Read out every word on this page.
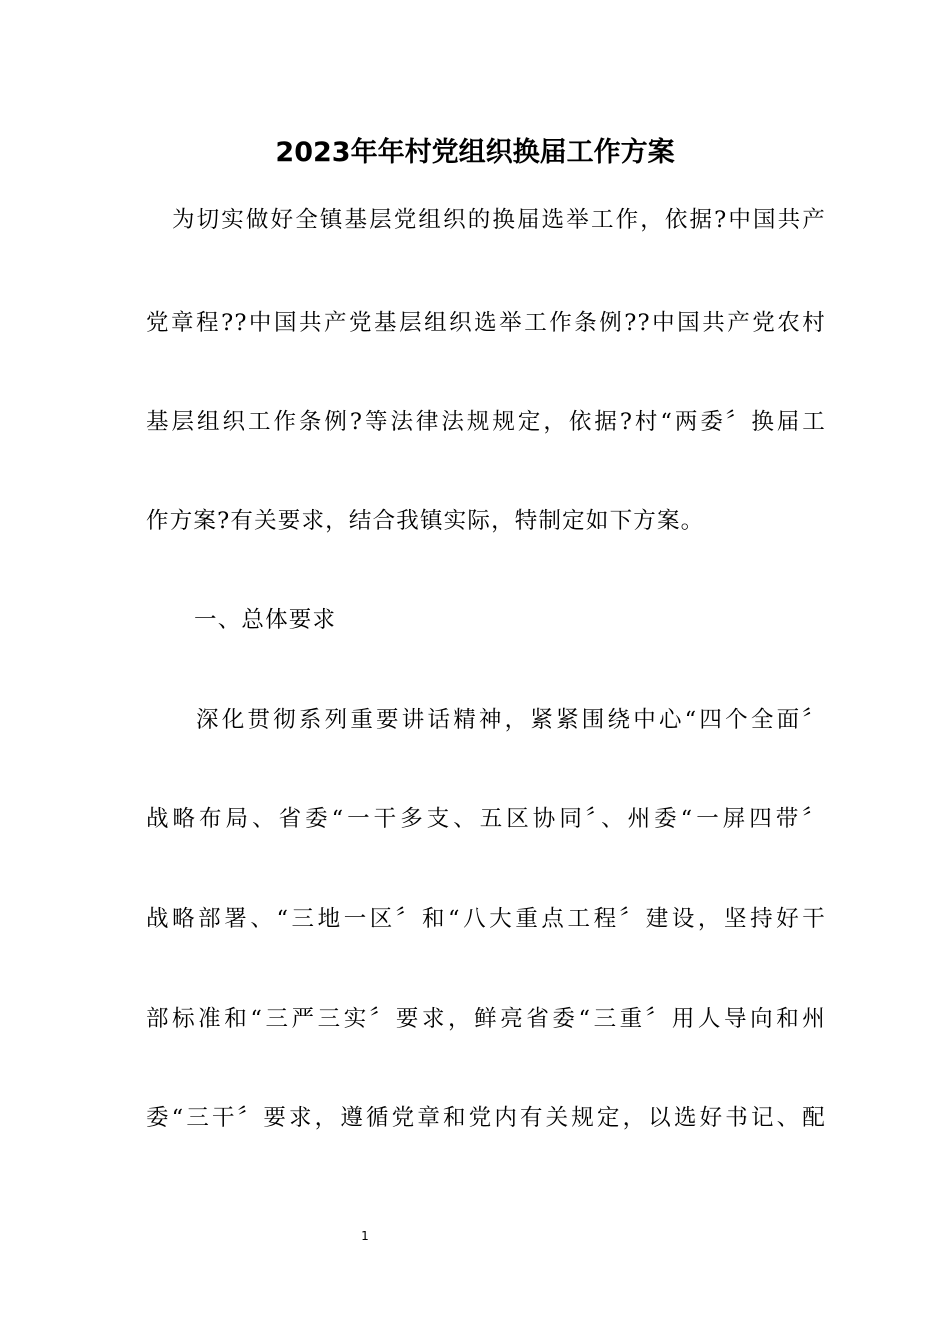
2023年年村党组织换届工作方案
为切实做好全镇基层党组织的换届选举工作，依据?中国共产
党章程??中国共产党基层组织选举工作条例??中国共产党农村
基层组织工作条例?等法律法规规定，依据?村“两委〞换届工
作方案?有关要求，结合我镇实际，特制定如下方案。
一、总体要求
深化贯彻系列重要讲话精神，紧紧围绕中心“四个全面〞
战略布局、省委“一干多支、五区协同〞、州委“一屏四带〞
战略部署、“三地一区〞和“八大重点工程〞建设，坚持好干
部标准和“三严三实〞要求，鲜亮省委“三重〞用人导向和州
委“三干〞要求，遵循党章和党内有关规定，以选好书记、配
1
